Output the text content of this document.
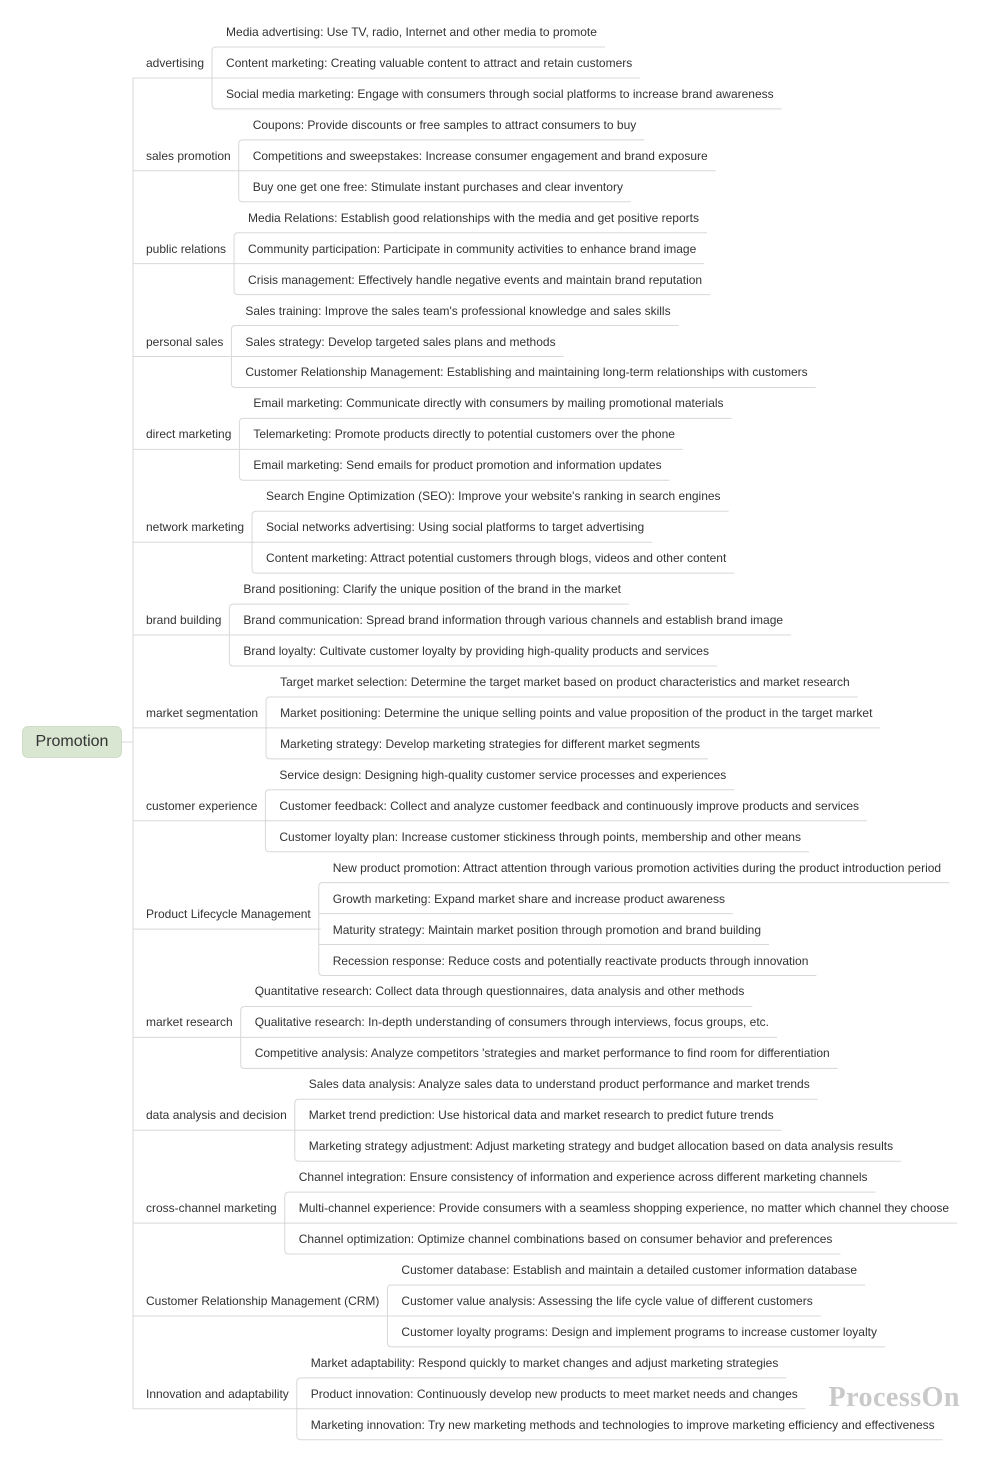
Promotion
ProcessOn
advertising
Media advertising: Use TV, radio, Internet and other media to promote
Content marketing: Creating valuable content to attract and retain customers
Social media marketing: Engage with consumers through social platforms to increase brand awareness
sales promotion
Coupons: Provide discounts or free samples to attract consumers to buy
Competitions and sweepstakes: Increase consumer engagement and brand exposure
Buy one get one free: Stimulate instant purchases and clear inventory
public relations
Media Relations: Establish good relationships with the media and get positive reports
Community participation: Participate in community activities to enhance brand image
Crisis management: Effectively handle negative events and maintain brand reputation
personal sales
Sales training: Improve the sales team's professional knowledge and sales skills
Sales strategy: Develop targeted sales plans and methods
Customer Relationship Management: Establishing and maintaining long-term relationships with customers
direct marketing
Email marketing: Communicate directly with consumers by mailing promotional materials
Telemarketing: Promote products directly to potential customers over the phone
Email marketing: Send emails for product promotion and information updates
network marketing
Search Engine Optimization (SEO): Improve your website's ranking in search engines
Social networks advertising: Using social platforms to target advertising
Content marketing: Attract potential customers through blogs, videos and other content
brand building
Brand positioning: Clarify the unique position of the brand in the market
Brand communication: Spread brand information through various channels and establish brand image
Brand loyalty: Cultivate customer loyalty by providing high-quality products and services
market segmentation
Target market selection: Determine the target market based on product characteristics and market research
Market positioning: Determine the unique selling points and value proposition of the product in the target market
Marketing strategy: Develop marketing strategies for different market segments
customer experience
Service design: Designing high-quality customer service processes and experiences
Customer feedback: Collect and analyze customer feedback and continuously improve products and services
Customer loyalty plan: Increase customer stickiness through points, membership and other means
Product Lifecycle Management
New product promotion: Attract attention through various promotion activities during the product introduction period
Growth marketing: Expand market share and increase product awareness
Maturity strategy: Maintain market position through promotion and brand building
Recession response: Reduce costs and potentially reactivate products through innovation
market research
Quantitative research: Collect data through questionnaires, data analysis and other methods
Qualitative research: In-depth understanding of consumers through interviews, focus groups, etc.
Competitive analysis: Analyze competitors 'strategies and market performance to find room for differentiation
data analysis and decision
Sales data analysis: Analyze sales data to understand product performance and market trends
Market trend prediction: Use historical data and market research to predict future trends
Marketing strategy adjustment: Adjust marketing strategy and budget allocation based on data analysis results
cross-channel marketing
Channel integration: Ensure consistency of information and experience across different marketing channels
Multi-channel experience: Provide consumers with a seamless shopping experience, no matter which channel they choose
Channel optimization: Optimize channel combinations based on consumer behavior and preferences
Customer Relationship Management (CRM)
Customer database: Establish and maintain a detailed customer information database
Customer value analysis: Assessing the life cycle value of different customers
Customer loyalty programs: Design and implement programs to increase customer loyalty
Innovation and adaptability
Market adaptability: Respond quickly to market changes and adjust marketing strategies
Product innovation: Continuously develop new products to meet market needs and changes
Marketing innovation: Try new marketing methods and technologies to improve marketing efficiency and effectiveness
